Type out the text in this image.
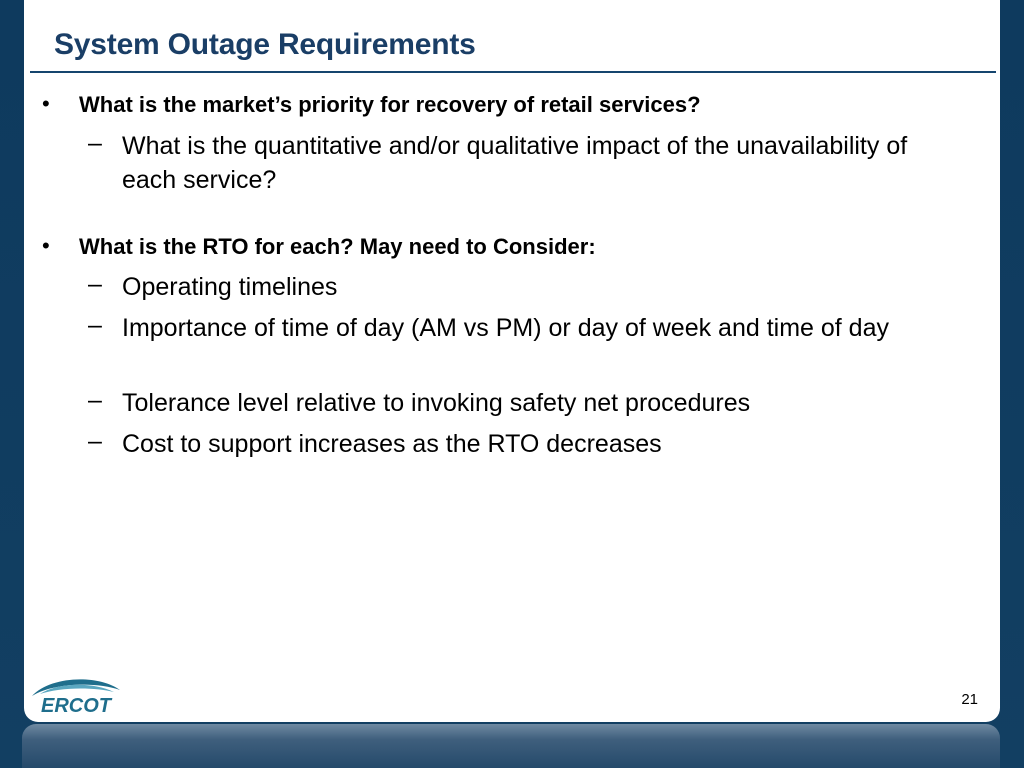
System Outage Requirements
• What is the market’s priority for recovery of retail services?
– What is the quantitative and/or qualitative impact of the unavailability of each service?
• What is the RTO for each? May need to Consider:
– Operating timelines
– Importance of time of day (AM vs PM) or day of week and time of day
– Tolerance level relative to invoking safety net procedures
– Cost to support increases as the RTO decreases
ERCOT	21
